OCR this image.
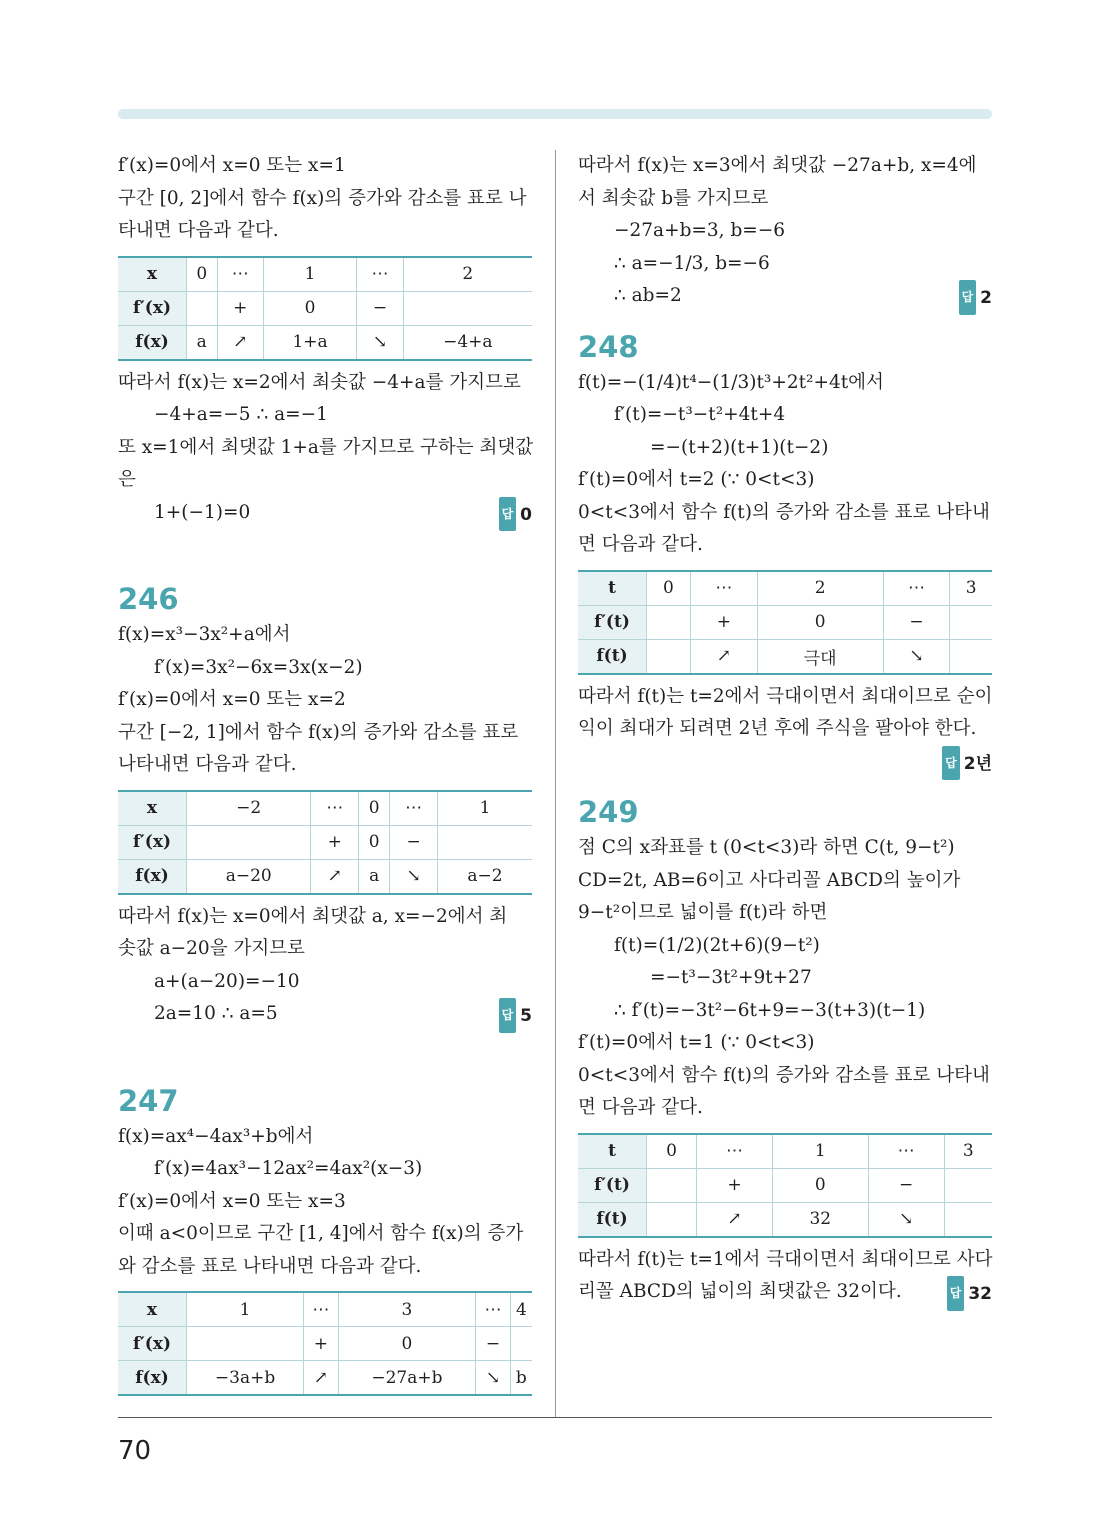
f′(x)=0에서 x=0 또는 x=1
구간 [0, 2]에서 함수 f(x)의 증가와 감소를 표로 나
타내면 다음과 같다.
x	0	⋯	1	⋯	2
f′(x)		+	0	−	
f(x)	a	↗	1+a	↘	−4+a
따라서 f(x)는 x=2에서 최솟값 −4+a를 가지므로
−4+a=−5 ∴ a=−1
또 x=1에서 최댓값 1+a를 가지므로 구하는 최댓값
은
1+(−1)=0	답 0
246
f(x)=x³−3x²+a에서
f′(x)=3x²−6x=3x(x−2)
f′(x)=0에서 x=0 또는 x=2
구간 [−2, 1]에서 함수 f(x)의 증가와 감소를 표로
나타내면 다음과 같다.
x	−2	⋯	0	⋯	1
f′(x)		+	0	−	
f(x)	a−20	↗	a	↘	a−2
따라서 f(x)는 x=0에서 최댓값 a, x=−2에서 최
솟값 a−20을 가지므로
a+(a−20)=−10
2a=10 ∴ a=5	답 5
247
f(x)=ax⁴−4ax³+b에서
f′(x)=4ax³−12ax²=4ax²(x−3)
f′(x)=0에서 x=0 또는 x=3
이때 a<0이므로 구간 [1, 4]에서 함수 f(x)의 증가
와 감소를 표로 나타내면 다음과 같다.
x	1	⋯	3	⋯	4
f′(x)		+	0	−	
f(x)	−3a+b	↗	−27a+b	↘	b
따라서 f(x)는 x=3에서 최댓값 −27a+b, x=4에
서 최솟값 b를 가지므로
−27a+b=3, b=−6
∴ a=−1/3, b=−6
∴ ab=2	답 2
248
f(t)=−(1/4)t⁴−(1/3)t³+2t²+4t에서
f′(t)=−t³−t²+4t+4
=−(t+2)(t+1)(t−2)
f′(t)=0에서 t=2 (∵ 0<t<3)
0<t<3에서 함수 f(t)의 증가와 감소를 표로 나타내
면 다음과 같다.
t	0	⋯	2	⋯	3
f′(t)		+	0	−	
f(t)		↗	극대	↘	
따라서 f(t)는 t=2에서 극대이면서 최대이므로 순이
익이 최대가 되려면 2년 후에 주식을 팔아야 한다.
답 2년
249
점 C의 x좌표를 t (0<t<3)라 하면 C(t, 9−t²)
CD=2t, AB=6이고 사다리꼴 ABCD의 높이가
9−t²이므로 넓이를 f(t)라 하면
f(t)=(1/2)(2t+6)(9−t²)
=−t³−3t²+9t+27
∴ f′(t)=−3t²−6t+9=−3(t+3)(t−1)
f′(t)=0에서 t=1 (∵ 0<t<3)
0<t<3에서 함수 f(t)의 증가와 감소를 표로 나타내
면 다음과 같다.
t	0	⋯	1	⋯	3
f′(t)		+	0	−	
f(t)		↗	32	↘	
따라서 f(t)는 t=1에서 극대이면서 최대이므로 사다
리꼴 ABCD의 넓이의 최댓값은 32이다.	답 32
70
